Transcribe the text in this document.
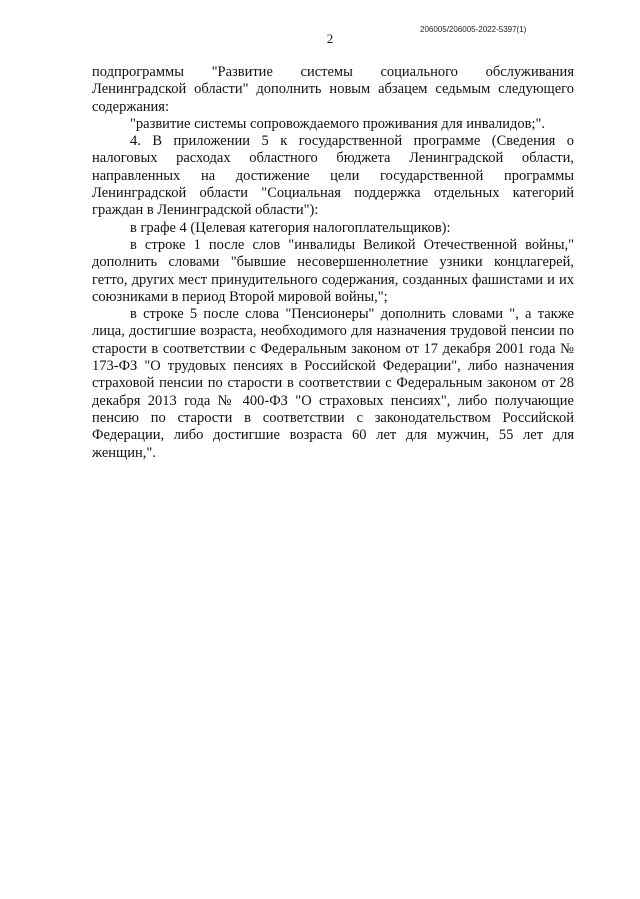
206005/206005-2022-5397(1)
2

подпрограммы "Развитие системы социального обслуживания Ленинградской области" дополнить новым абзацем седьмым следующего содержания:

"развитие системы сопровождаемого проживания для инвалидов;".

4. В приложении 5 к государственной программе (Сведения о налоговых расходах областного бюджета Ленинградской области, направленных на достижение цели государственной программы Ленинградской области "Социальная поддержка отдельных категорий граждан в Ленинградской области"):

в графе 4 (Целевая категория налогоплательщиков):

в строке 1 после слов "инвалиды Великой Отечественной войны," дополнить словами "бывшие несовершеннолетние узники концлагерей, гетто, других мест принудительного содержания, созданных фашистами и их союзниками в период Второй мировой войны,";

в строке 5 после слова "Пенсионеры" дополнить словами ", а также лица, достигшие возраста, необходимого для назначения трудовой пенсии по старости в соответствии с Федеральным законом от 17 декабря 2001 года № 173-ФЗ "О трудовых пенсиях в Российской Федерации", либо назначения страховой пенсии по старости в соответствии с Федеральным законом от 28 декабря 2013 года № 400-ФЗ "О страховых пенсиях", либо получающие пенсию по старости в соответствии с законодательством Российской Федерации, либо достигшие возраста 60 лет для мужчин, 55 лет для женщин,".
